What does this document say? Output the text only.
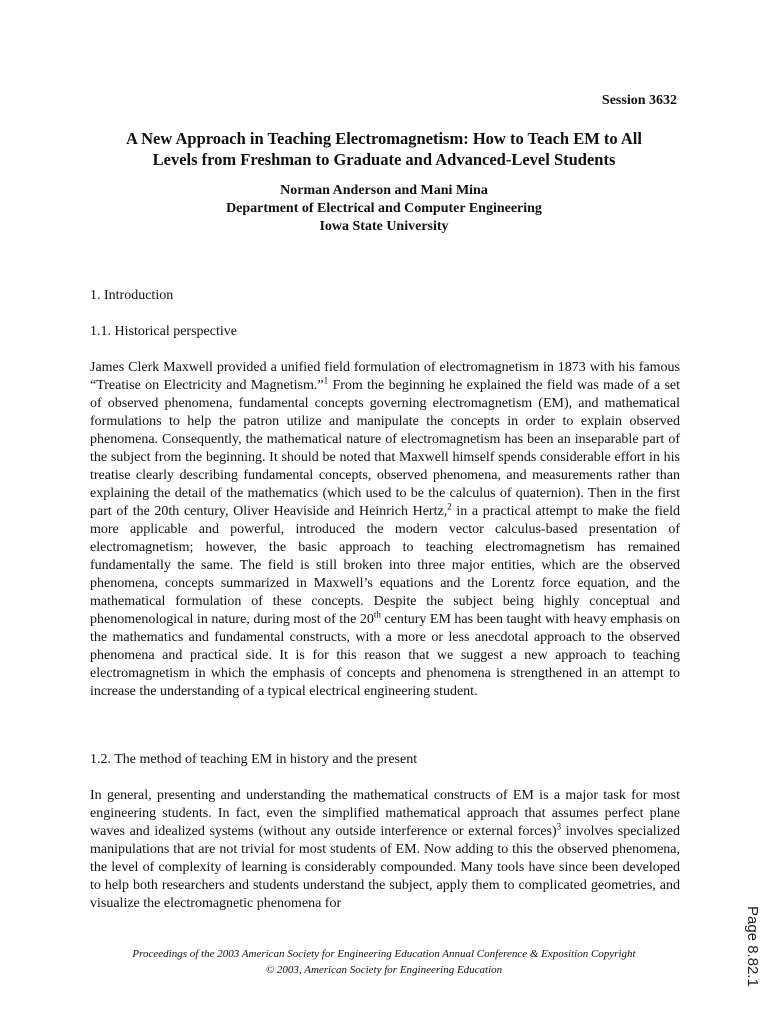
Session 3632
A New Approach in Teaching Electromagnetism: How to Teach EM to All
Levels from Freshman to Graduate and Advanced-Level Students
Norman Anderson and Mani Mina
Department of Electrical and Computer Engineering
Iowa State University
1. Introduction
1.1. Historical perspective
James Clerk Maxwell provided a unified field formulation of electromagnetism in 1873 with his famous “Treatise on Electricity and Magnetism.”$^1$ From the beginning he explained the field was made of a set of observed phenomena, fundamental concepts governing electromagnetism (EM), and mathematical formulations to help the patron utilize and manipulate the concepts in order to explain observed phenomena. Consequently, the mathematical nature of electromagnetism has been an inseparable part of the subject from the beginning. It should be noted that Maxwell himself spends considerable effort in his treatise clearly describing fundamental concepts, observed phenomena, and measurements rather than explaining the detail of the mathematics (which used to be the calculus of quaternion). Then in the first part of the 20th century, Oliver Heaviside and Heinrich Hertz,$^2$ in a practical attempt to make the field more applicable and powerful, introduced the modern vector calculus-based presentation of electromagnetism; however, the basic approach to teaching electromagnetism has remained fundamentally the same. The field is still broken into three major entities, which are the observed phenomena, concepts summarized in Maxwell’s equations and the Lorentz force equation, and the mathematical formulation of these concepts. Despite the subject being highly conceptual and phenomenological in nature, during most of the 20th century EM has been taught with heavy emphasis on the mathematics and fundamental constructs, with a more or less anecdotal approach to the observed phenomena and practical side. It is for this reason that we suggest a new approach to teaching electromagnetism in which the emphasis of concepts and phenomena is strengthened in an attempt to increase the understanding of a typical electrical engineering student.
1.2. The method of teaching EM in history and the present
In general, presenting and understanding the mathematical constructs of EM is a major task for most engineering students. In fact, even the simplified mathematical approach that assumes perfect plane waves and idealized systems (without any outside interference or external forces)$^3$ involves specialized manipulations that are not trivial for most students of EM. Now adding to this the observed phenomena, the level of complexity of learning is considerably compounded. Many tools have since been developed to help both researchers and students understand the subject, apply them to complicated geometries, and visualize the electromagnetic phenomena for
Proceedings of the 2003 American Society for Engineering Education Annual Conference & Exposition Copyright
© 2003, American Society for Engineering Education	Page 8.82.1
